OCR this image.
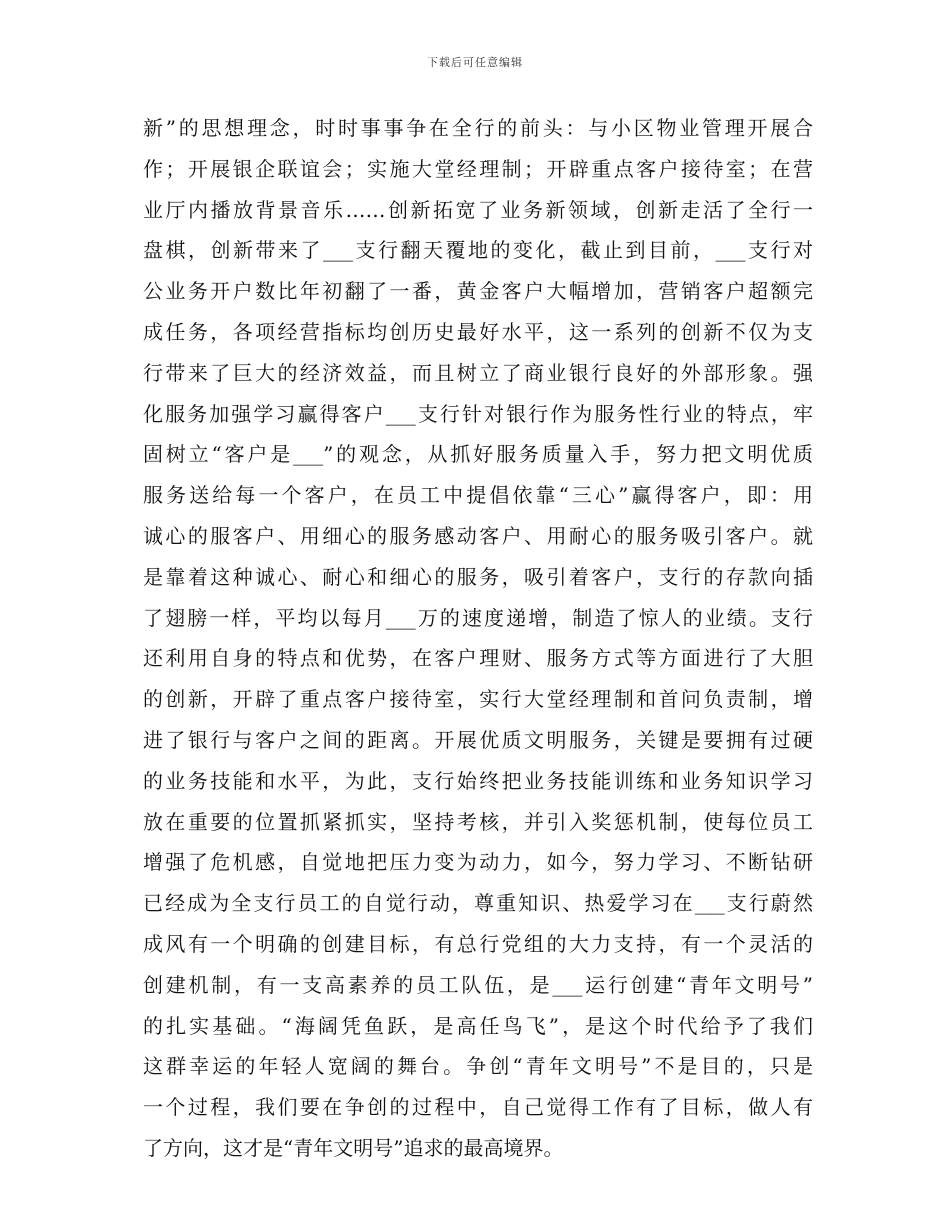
下载后可任意编辑
新”的思想理念，时时事事争在全行的前头：与小区物业管理开展合
作；开展银企联谊会；实施大堂经理制；开辟重点客户接待室；在营
业厅内播放背景音乐……创新拓宽了业务新领域，创新走活了全行一
盘棋，创新带来了___支行翻天覆地的变化，截止到目前，___支行对
公业务开户数比年初翻了一番，黄金客户大幅增加，营销客户超额完
成任务，各项经营指标均创历史最好水平，这一系列的创新不仅为支
行带来了巨大的经济效益，而且树立了商业银行良好的外部形象。强
化服务加强学习赢得客户___支行针对银行作为服务性行业的特点，牢
固树立“客户是___”的观念，从抓好服务质量入手，努力把文明优质
服务送给每一个客户，在员工中提倡依靠“三心”赢得客户，即：用
诚心的服客户、用细心的服务感动客户、用耐心的服务吸引客户。就
是靠着这种诚心、耐心和细心的服务，吸引着客户，支行的存款向插
了翅膀一样，平均以每月___万的速度递增，制造了惊人的业绩。支行
还利用自身的特点和优势，在客户理财、服务方式等方面进行了大胆
的创新，开辟了重点客户接待室，实行大堂经理制和首问负责制，增
进了银行与客户之间的距离。开展优质文明服务，关键是要拥有过硬
的业务技能和水平，为此，支行始终把业务技能训练和业务知识学习
放在重要的位置抓紧抓实，坚持考核，并引入奖惩机制，使每位员工
增强了危机感，自觉地把压力变为动力，如今，努力学习、不断钻研
已经成为全支行员工的自觉行动，尊重知识、热爱学习在___支行蔚然
成风有一个明确的创建目标，有总行党组的大力支持，有一个灵活的
创建机制，有一支高素养的员工队伍，是___运行创建“青年文明号”
的扎实基础。“海阔凭鱼跃，是高任鸟飞”，是这个时代给予了我们
这群幸运的年轻人宽阔的舞台。争创“青年文明号”不是目的，只是
一个过程，我们要在争创的过程中，自己觉得工作有了目标，做人有
了方向，这才是“青年文明号”追求的最高境界。
